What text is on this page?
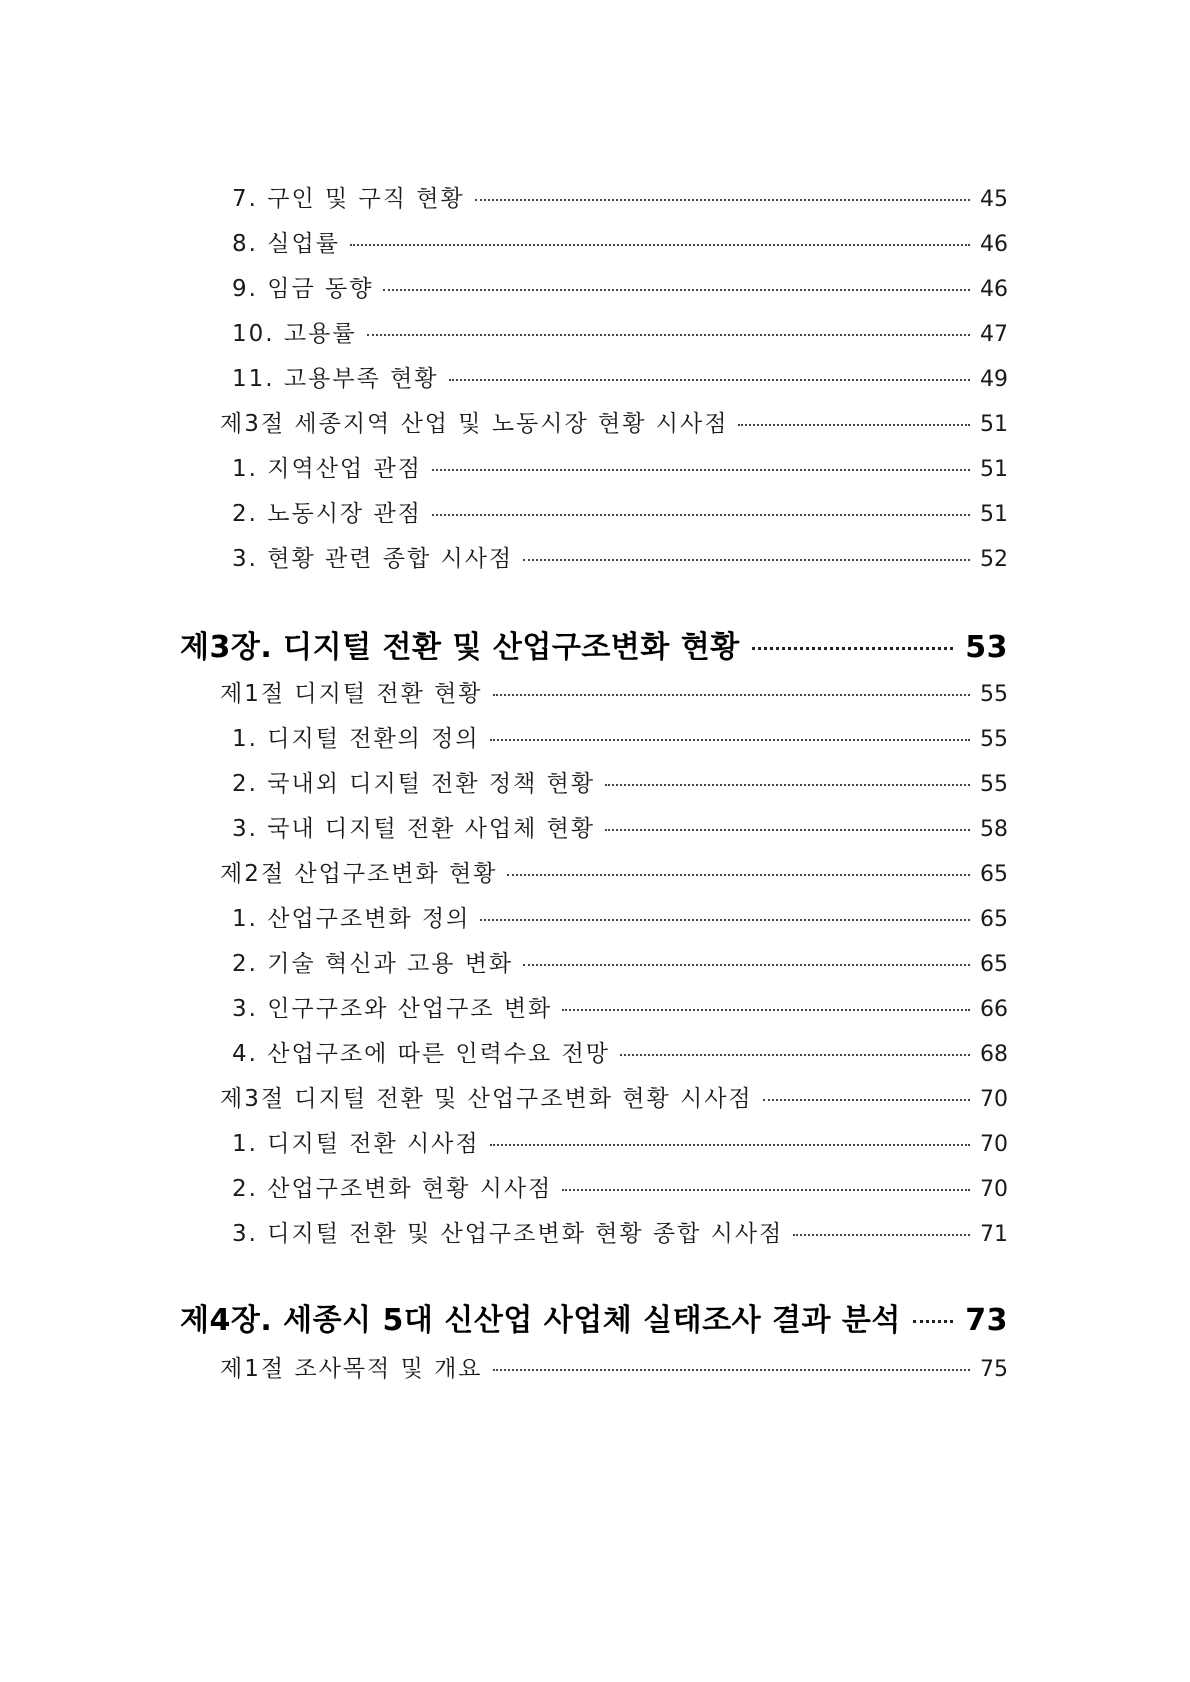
7. 구인 및 구직 현황	45
8. 실업률	46
9. 임금 동향	46
10. 고용률	47
11. 고용부족 현황	49
제3절 세종지역 산업 및 노동시장 현황 시사점	51
1. 지역산업 관점	51
2. 노동시장 관점	51
3. 현황 관련 종합 시사점	52
제3장. 디지털 전환 및 산업구조변화 현황	53
제1절 디지털 전환 현황	55
1. 디지털 전환의 정의	55
2. 국내외 디지털 전환 정책 현황	55
3. 국내 디지털 전환 사업체 현황	58
제2절 산업구조변화 현황	65
1. 산업구조변화 정의	65
2. 기술 혁신과 고용 변화	65
3. 인구구조와 산업구조 변화	66
4. 산업구조에 따른 인력수요 전망	68
제3절 디지털 전환 및 산업구조변화 현황 시사점	70
1. 디지털 전환 시사점	70
2. 산업구조변화 현황 시사점	70
3. 디지털 전환 및 산업구조변화 현황 종합 시사점	71
제4장. 세종시 5대 신산업 사업체 실태조사 결과 분석 73
제1절 조사목적 및 개요	75
